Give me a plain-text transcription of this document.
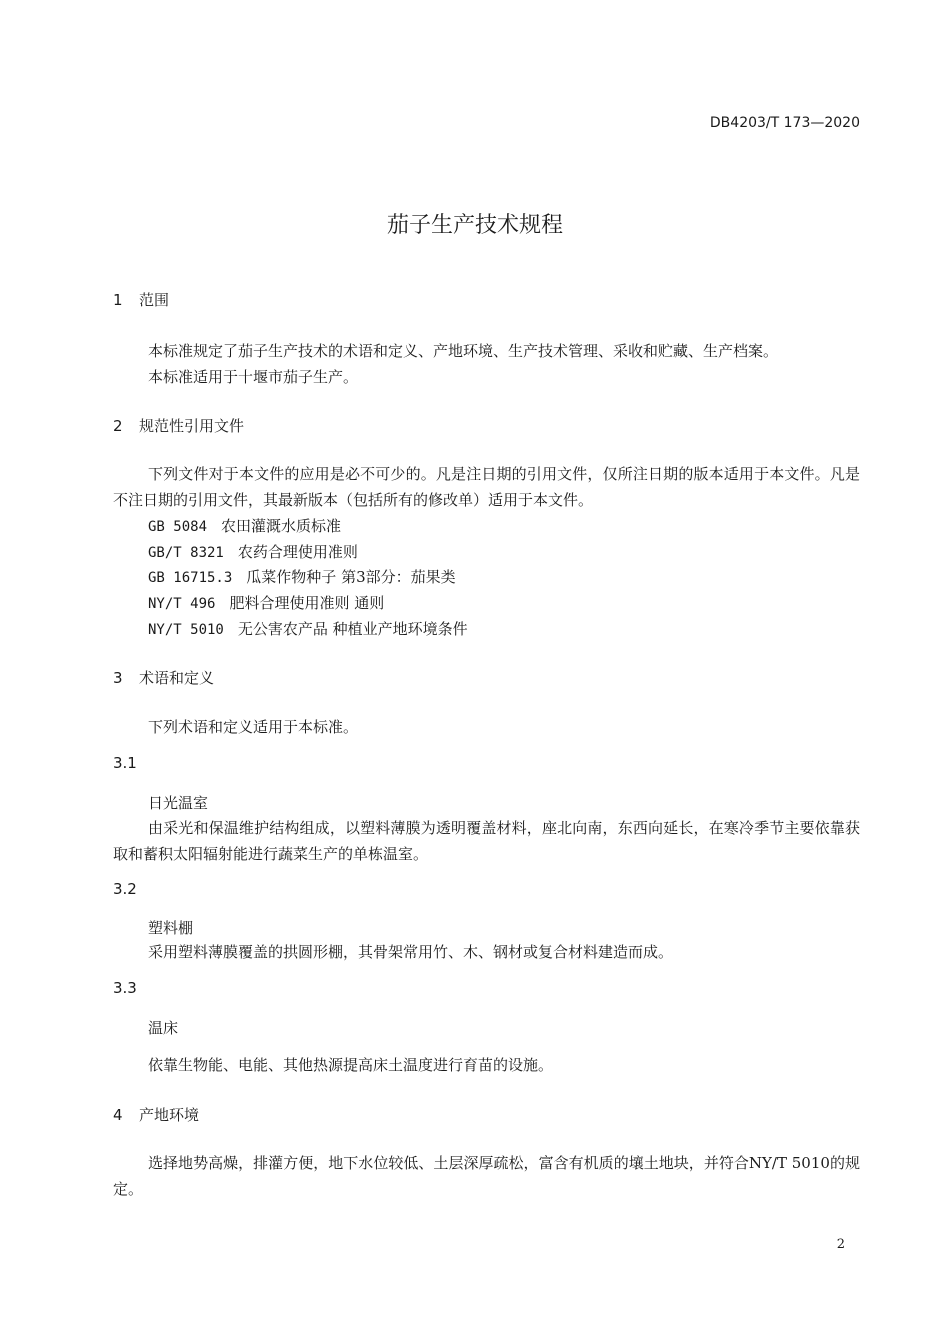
DB4203/T 173—2020
茄子生产技术规程
1 范围
本标准规定了茄子生产技术的术语和定义、产地环境、生产技术管理、采收和贮藏、生产档案。
本标准适用于十堰市茄子生产。
2 规范性引用文件
下列文件对于本文件的应用是必不可少的。凡是注日期的引用文件，仅所注日期的版本适用于本文件。凡是不注日期的引用文件，其最新版本（包括所有的修改单）适用于本文件。
GB 5084 农田灌溉水质标准
GB/T 8321 农药合理使用准则
GB 16715.3 瓜菜作物种子 第3部分：茄果类
NY/T 496 肥料合理使用准则 通则
NY/T 5010 无公害农产品 种植业产地环境条件
3 术语和定义
下列术语和定义适用于本标准。
3.1
日光温室
由采光和保温维护结构组成，以塑料薄膜为透明覆盖材料，座北向南，东西向延长，在寒冷季节主要依靠获取和蓄积太阳辐射能进行蔬菜生产的单栋温室。
3.2
塑料棚
采用塑料薄膜覆盖的拱圆形棚，其骨架常用竹、木、钢材或复合材料建造而成。
3.3
温床
依靠生物能、电能、其他热源提高床土温度进行育苗的设施。
4 产地环境
选择地势高燥，排灌方便，地下水位较低、土层深厚疏松，富含有机质的壤土地块，并符合NY/T 5010的规定。
2
